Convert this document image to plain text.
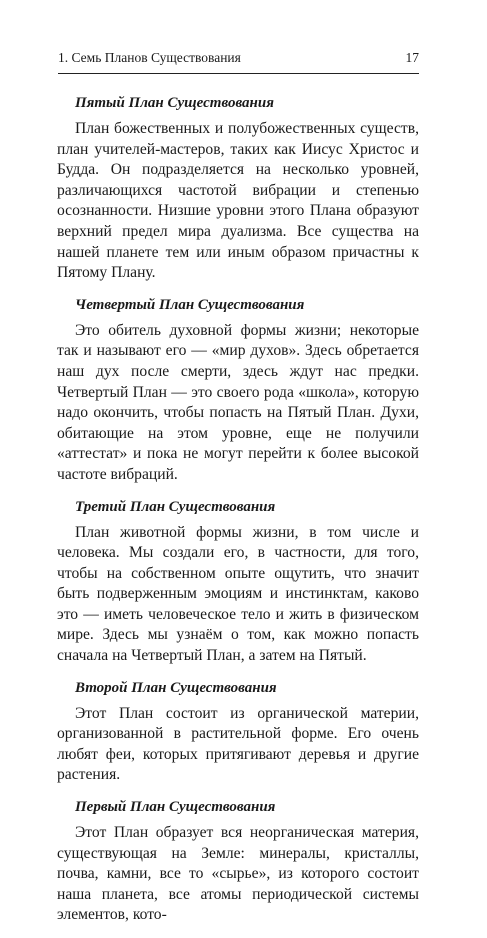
1. Семь Планов Существования	17
Пятый План Существования

План божественных и полубожественных существ, план учителей-мастеров, таких как Иисус Христос и Будда. Он подразделяется на несколько уровней, различающихся частотой вибрации и степенью осознанности. Низшие уровни этого Плана образуют верхний предел мира дуализма. Все существа на нашей планете тем или иным образом причастны к Пятому Плану.

Четвертый План Существования

Это обитель духовной формы жизни; некоторые так и называют его — «мир духов». Здесь обретается наш дух после смерти, здесь ждут нас предки. Четвертый План — это своего рода «школа», которую надо окончить, чтобы попасть на Пятый План. Духи, обитающие на этом уровне, еще не получили «аттестат» и пока не могут перейти к более высокой частоте вибраций.

Третий План Существования

План животной формы жизни, в том числе и человека. Мы создали его, в частности, для того, чтобы на собственном опыте ощутить, что значит быть подверженным эмоциям и инстинктам, каково это — иметь человеческое тело и жить в физическом мире. Здесь мы узнаём о том, как можно попасть сначала на Четвертый План, а затем на Пятый.

Второй План Существования

Этот План состоит из органической материи, организованной в растительной форме. Его очень любят феи, которых притягивают деревья и другие растения.

Первый План Существования

Этот План образует вся неорганическая материя, существующая на Земле: минералы, кристаллы, почва, камни, все то «сырье», из которого состоит наша планета, все атомы периодической системы элементов, кото-
